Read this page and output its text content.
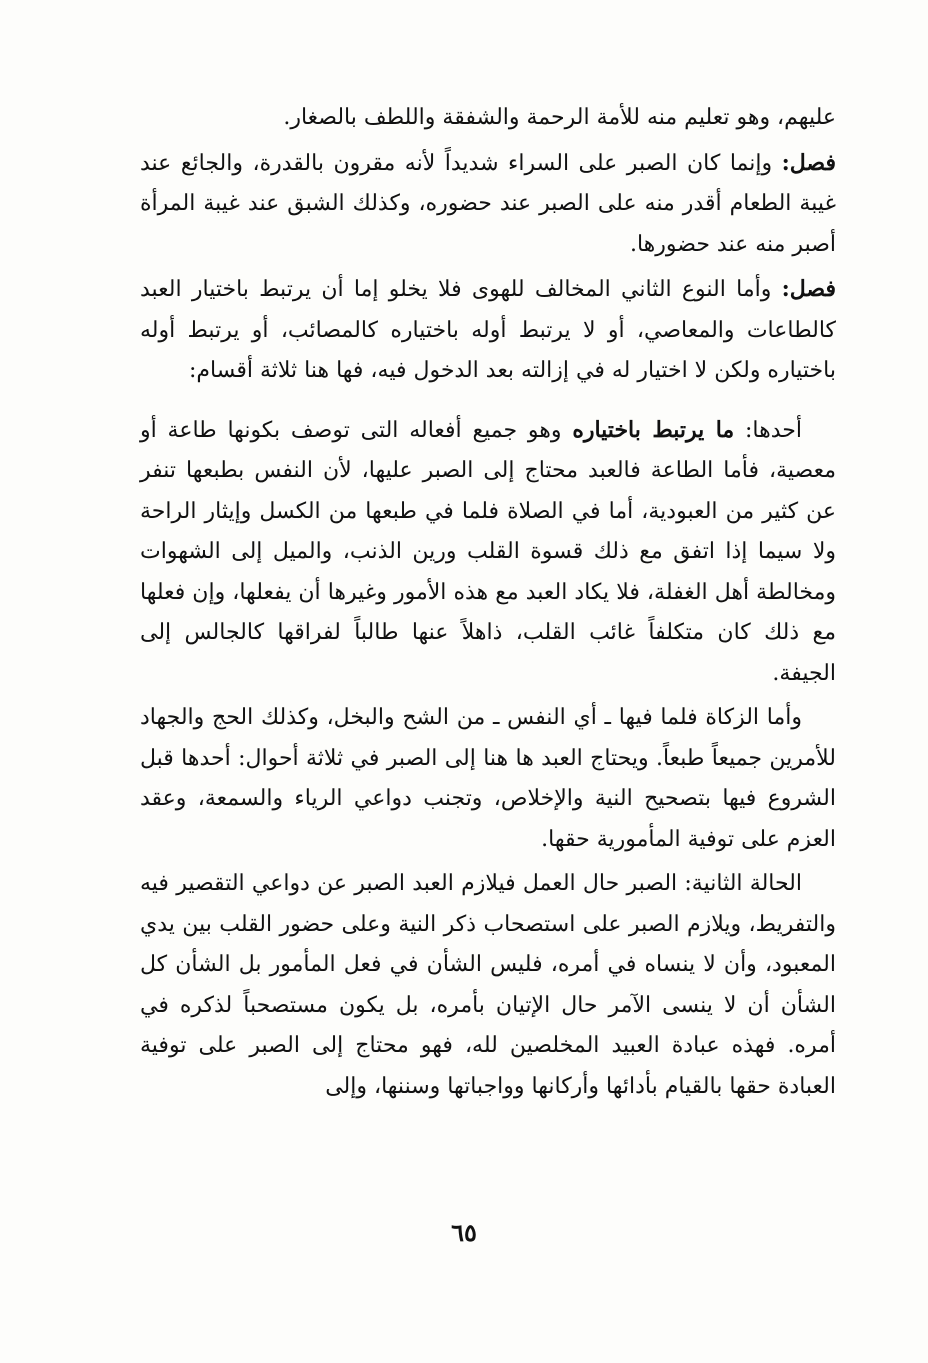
عليهم، وهو تعليم منه للأمة الرحمة والشفقة واللطف بالصغار.

فصل: وإنما كان الصبر على السراء شديداً لأنه مقرون بالقدرة، والجائع عند غيبة الطعام أقدر منه على الصبر عند حضوره، وكذلك الشبق عند غيبة المرأة أصبر منه عند حضورها.

فصل: وأما النوع الثاني المخالف للهوى فلا يخلو إما أن يرتبط باختيار العبد كالطاعات والمعاصي، أو لا يرتبط أوله باختياره كالمصائب، أو يرتبط أوله باختياره ولكن لا اختيار له في إزالته بعد الدخول فيه، فها هنا ثلاثة أقسام:

أحدها: ما يرتبط باختياره وهو جميع أفعاله التى توصف بكونها طاعة أو معصية، فأما الطاعة فالعبد محتاج إلى الصبر عليها، لأن النفس بطبعها تنفر عن كثير من العبودية، أما في الصلاة فلما في طبعها من الكسل وإيثار الراحة ولا سيما إذا اتفق مع ذلك قسوة القلب ورين الذنب، والميل إلى الشهوات ومخالطة أهل الغفلة، فلا يكاد العبد مع هذه الأمور وغيرها أن يفعلها، وإن فعلها مع ذلك كان متكلفاً غائب القلب، ذاهلاً عنها طالباً لفراقها كالجالس إلى الجيفة.

وأما الزكاة فلما فيها ـ أي النفس ـ من الشح والبخل، وكذلك الحج والجهاد للأمرين جميعاً طبعاً. ويحتاج العبد ها هنا إلى الصبر في ثلاثة أحوال: أحدها قبل الشروع فيها بتصحيح النية والإخلاص، وتجنب دواعي الرياء والسمعة، وعقد العزم على توفية المأمورية حقها.

الحالة الثانية: الصبر حال العمل فيلازم العبد الصبر عن دواعي التقصير فيه والتفريط، ويلازم الصبر على استصحاب ذكر النية وعلى حضور القلب بين يدي المعبود، وأن لا ينساه في أمره، فليس الشأن في فعل المأمور بل الشأن كل الشأن أن لا ينسى الآمر حال الإتيان بأمره، بل يكون مستصحباً لذكره في أمره. فهذه عبادة العبيد المخلصين لله، فهو محتاج إلى الصبر على توفية العبادة حقها بالقيام بأدائها وأركانها وواجباتها وسننها، وإلى

٦٥
